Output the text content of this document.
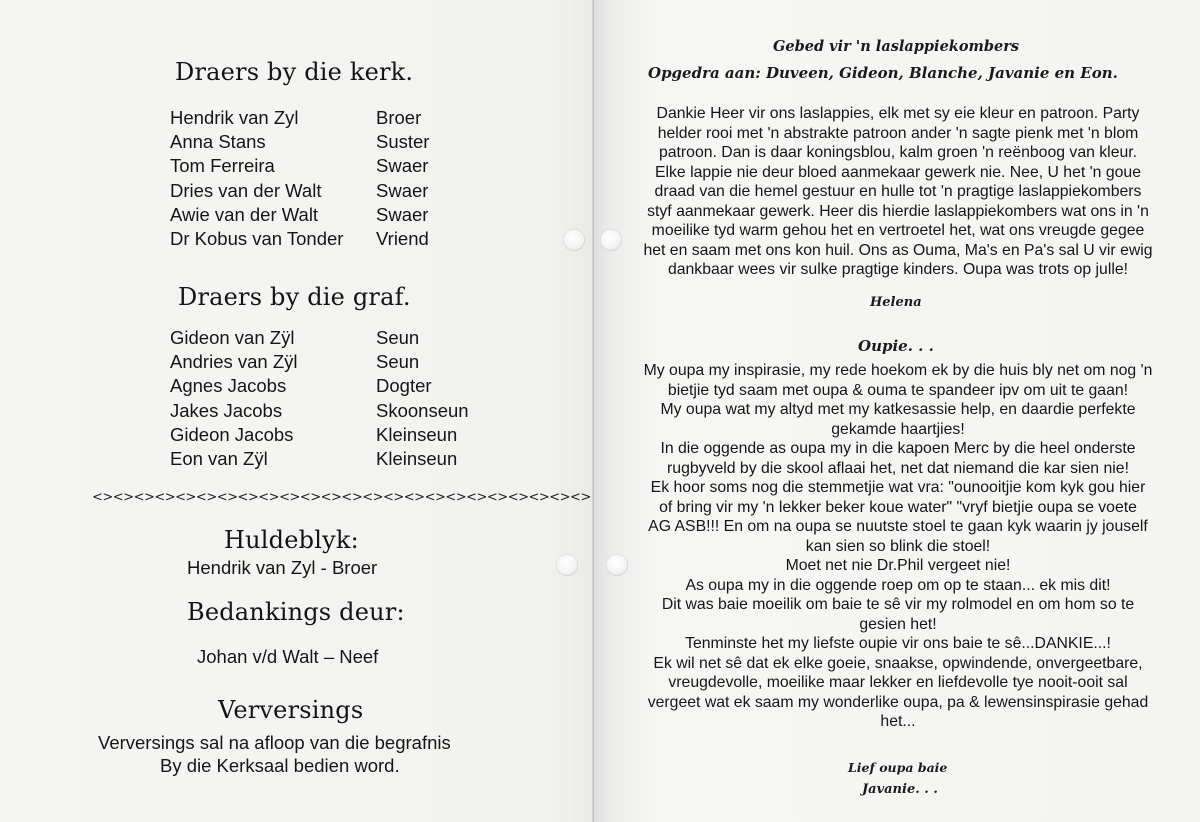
Draers by die kerk.
Hendrik van Zyl	Broer
Anna Stans	Suster
Tom Ferreira	Swaer
Dries van der Walt	Swaer
Awie van der Walt	Swaer
Dr Kobus van Tonder	Vriend
Draers by die graf.
Gideon van Zÿl	Seun
Andries van Zÿl	Seun
Agnes Jacobs	Dogter
Jakes Jacobs	Skoonseun
Gideon Jacobs	Kleinseun
Eon van Zÿl	Kleinseun
<><><><><><><><><><><><><><><><><><><><><><><><>
Huldeblyk:
Hendrik van Zyl - Broer
Bedankings deur:
Johan v/d Walt – Neef
Verversings
Verversings sal na afloop van die begrafnis
By die Kerksaal bedien word.
Gebed vir 'n laslappiekombers
Opgedra aan: Duveen, Gideon, Blanche, Javanie en Eon.

Dankie Heer vir ons laslappies, elk met sy eie kleur en patroon. Party

helder rooi met 'n abstrakte patroon ander 'n sagte pienk met 'n blom

patroon. Dan is daar koningsblou, kalm groen 'n reënboog van kleur.

Elke lappie nie deur bloed aanmekaar gewerk nie. Nee, U het 'n goue

draad van die hemel gestuur en hulle tot 'n pragtige laslappiekombers

styf aanmekaar gewerk. Heer dis hierdie laslappiekombers wat ons in 'n

moeilike tyd warm gehou het en vertroetel het, wat ons vreugde gegee

het en saam met ons kon huil. Ons as Ouma, Ma's en Pa's sal U vir ewig

dankbaar wees vir sulke pragtige kinders. Oupa was trots op julle!

Helena
Oupie. . .

My oupa my inspirasie, my rede hoekom ek by die huis bly net om nog 'n

bietjie tyd saam met oupa & ouma te spandeer ipv om uit te gaan!

My oupa wat my altyd met my katkesassie help, en daardie perfekte

gekamde haartjies!

In die oggende as oupa my in die kapoen Merc by die heel onderste

rugbyveld by die skool aflaai het, net dat niemand die kar sien nie!

Ek hoor soms nog die stemmetjie wat vra: "ounooitjie kom kyk gou hier

of bring vir my 'n lekker beker koue water" "vryf bietjie oupa se voete

AG ASB!!! En om na oupa se nuutste stoel te gaan kyk waarin jy jouself

kan sien so blink die stoel!

Moet net nie Dr.Phil vergeet nie!

As oupa my in die oggende roep om op te staan... ek mis dit!

Dit was baie moeilik om baie te sê vir my rolmodel en om hom so te

gesien het!

Tenminste het my liefste oupie vir ons baie te sê...DANKIE...!

Ek wil net sê dat ek elke goeie, snaakse, opwindende, onvergeetbare,

vreugdevolle, moeilike maar lekker en liefdevolle tye nooit-ooit sal

vergeet wat ek saam my wonderlike oupa, pa & lewensinspirasie gehad

het...

Lief oupa baie
Javanie. . .
